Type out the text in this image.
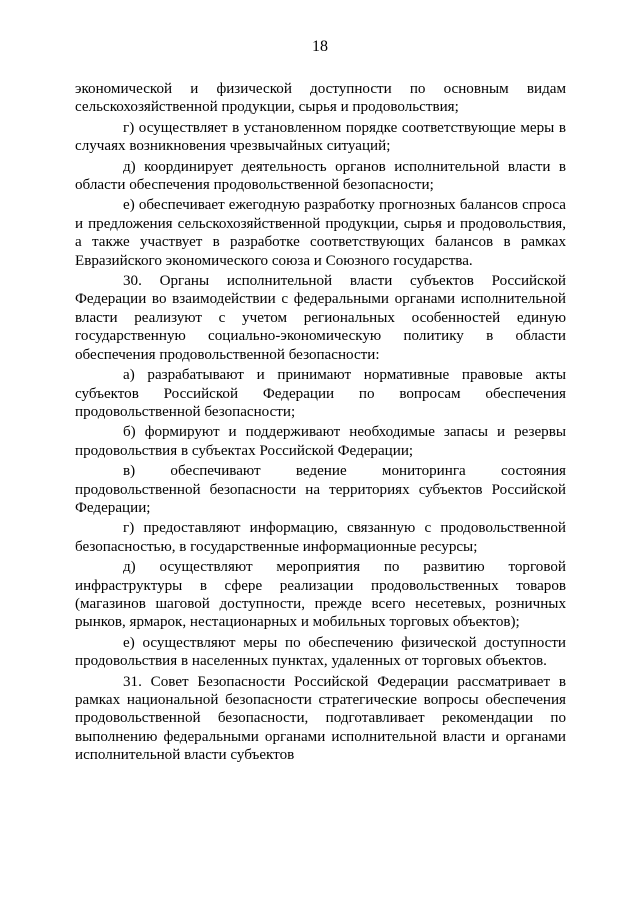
18

экономической и физической доступности по основным видам сельскохозяйственной продукции, сырья и продовольствия;

г) осуществляет в установленном порядке соответствующие меры в случаях возникновения чрезвычайных ситуаций;

д) координирует деятельность органов исполнительной власти в области обеспечения продовольственной безопасности;

е) обеспечивает ежегодную разработку прогнозных балансов спроса и предложения сельскохозяйственной продукции, сырья и продовольствия, а также участвует в разработке соответствующих балансов в рамках Евразийского экономического союза и Союзного государства.

30. Органы исполнительной власти субъектов Российской Федерации во взаимодействии с федеральными органами исполнительной власти реализуют с учетом региональных особенностей единую государственную социально-экономическую политику в области обеспечения продовольственной безопасности:

а) разрабатывают и принимают нормативные правовые акты субъектов Российской Федерации по вопросам обеспечения продовольственной безопасности;

б) формируют и поддерживают необходимые запасы и резервы продовольствия в субъектах Российской Федерации;

в) обеспечивают ведение мониторинга состояния продовольственной безопасности на территориях субъектов Российской Федерации;

г) предоставляют информацию, связанную с продовольственной безопасностью, в государственные информационные ресурсы;

д) осуществляют мероприятия по развитию торговой инфраструктуры в сфере реализации продовольственных товаров (магазинов шаговой доступности, прежде всего несетевых, розничных рынков, ярмарок, нестационарных и мобильных торговых объектов);

е) осуществляют меры по обеспечению физической доступности продовольствия в населенных пунктах, удаленных от торговых объектов.

31. Совет Безопасности Российской Федерации рассматривает в рамках национальной безопасности стратегические вопросы обеспечения продовольственной безопасности, подготавливает рекомендации по выполнению федеральными органами исполнительной власти и органами исполнительной власти субъектов
